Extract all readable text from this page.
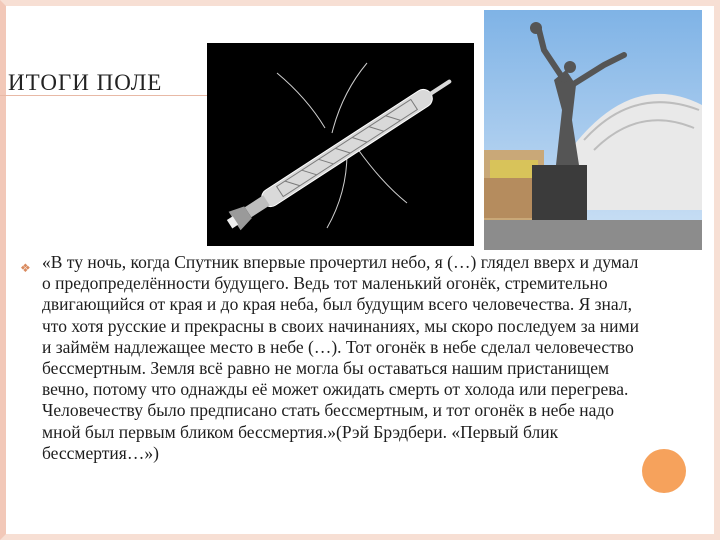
ИТОГИ ПОЛЕ
❖ «В ту ночь, когда Спутник впервые прочертил небо, я (…) глядел вверх и думал о предопределённости будущего. Ведь тот маленький огонёк, стремительно двигающийся от края и до края неба, был будущим всего человечества. Я знал, что хотя русские и прекрасны в своих начинаниях, мы скоро последуем за ними и займём надлежащее место в небе (…). Тот огонёк в небе сделал человечество бессмертным. Земля всё равно не могла бы оставаться нашим пристанищем вечно, потому что однажды её может ожидать смерть от холода или перегрева. Человечеству было предписано стать бессмертным, и тот огонёк в небе надо мной был первым бликом бессмертия.»(Рэй Брэдбери. «Первый блик бессмертия…»)
